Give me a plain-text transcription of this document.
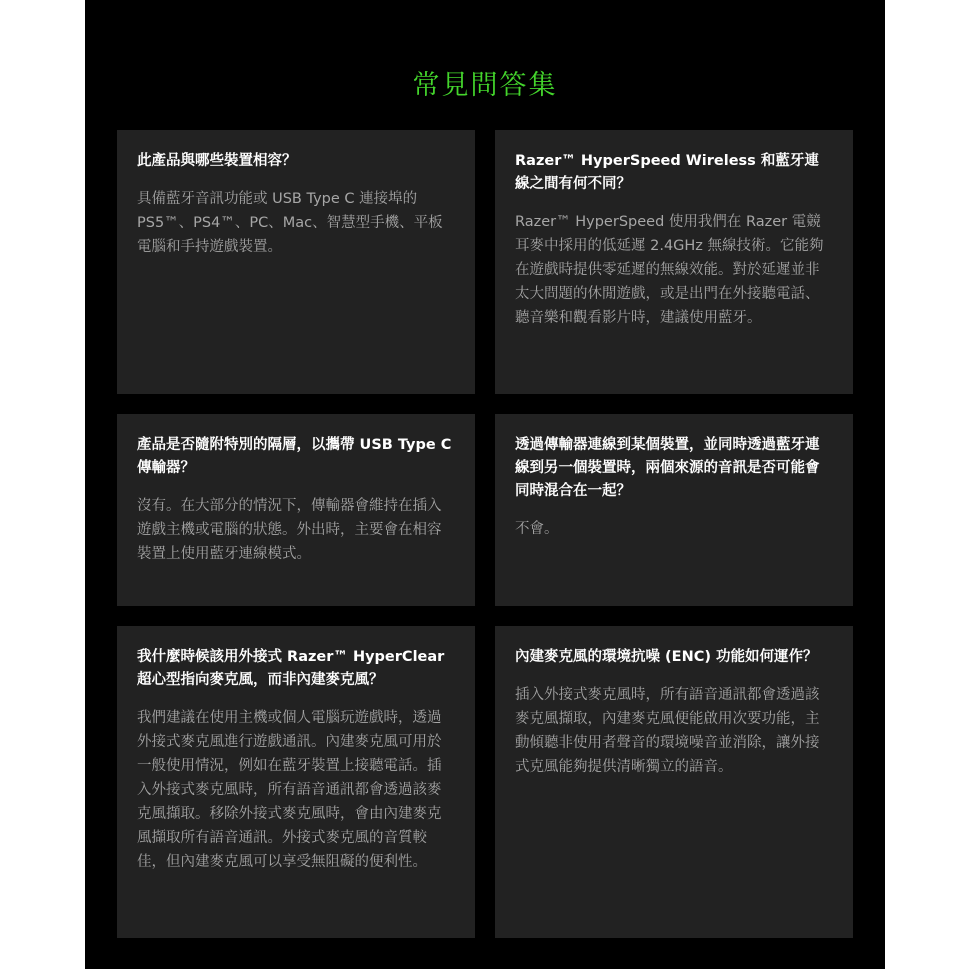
常見問答集

此產品與哪些裝置相容？

具備藍牙音訊功能或 USB Type C 連接埠的 PS5™、PS4™、PC、Mac、智慧型手機、平板電腦和手持遊戲裝置。

Razer™ HyperSpeed Wireless 和藍牙連線之間有何不同？

Razer™ HyperSpeed 使用我們在 Razer 電競耳麥中採用的低延遲 2.4GHz 無線技術。它能夠在遊戲時提供零延遲的無線效能。對於延遲並非太大問題的休閒遊戲，或是出門在外接聽電話、聽音樂和觀看影片時，建議使用藍牙。

產品是否隨附特別的隔層，以攜帶 USB Type C 傳輸器？

沒有。在大部分的情況下，傳輸器會維持在插入遊戲主機或電腦的狀態。外出時，主要會在相容裝置上使用藍牙連線模式。

透過傳輸器連線到某個裝置，並同時透過藍牙連線到另一個裝置時，兩個來源的音訊是否可能會同時混合在一起？

不會。

我什麼時候該用外接式 Razer™ HyperClear 超心型指向麥克風，而非內建麥克風？

我們建議在使用主機或個人電腦玩遊戲時，透過外接式麥克風進行遊戲通訊。內建麥克風可用於一般使用情況，例如在藍牙裝置上接聽電話。插入外接式麥克風時，所有語音通訊都會透過該麥克風擷取。移除外接式麥克風時，會由內建麥克風擷取所有語音通訊。外接式麥克風的音質較佳，但內建麥克風可以享受無阻礙的便利性。

內建麥克風的環境抗噪 (ENC) 功能如何運作？

插入外接式麥克風時，所有語音通訊都會透過該麥克風擷取，內建麥克風便能啟用次要功能，主動傾聽非使用者聲音的環境噪音並消除，讓外接式克風能夠提供清晰獨立的語音。
